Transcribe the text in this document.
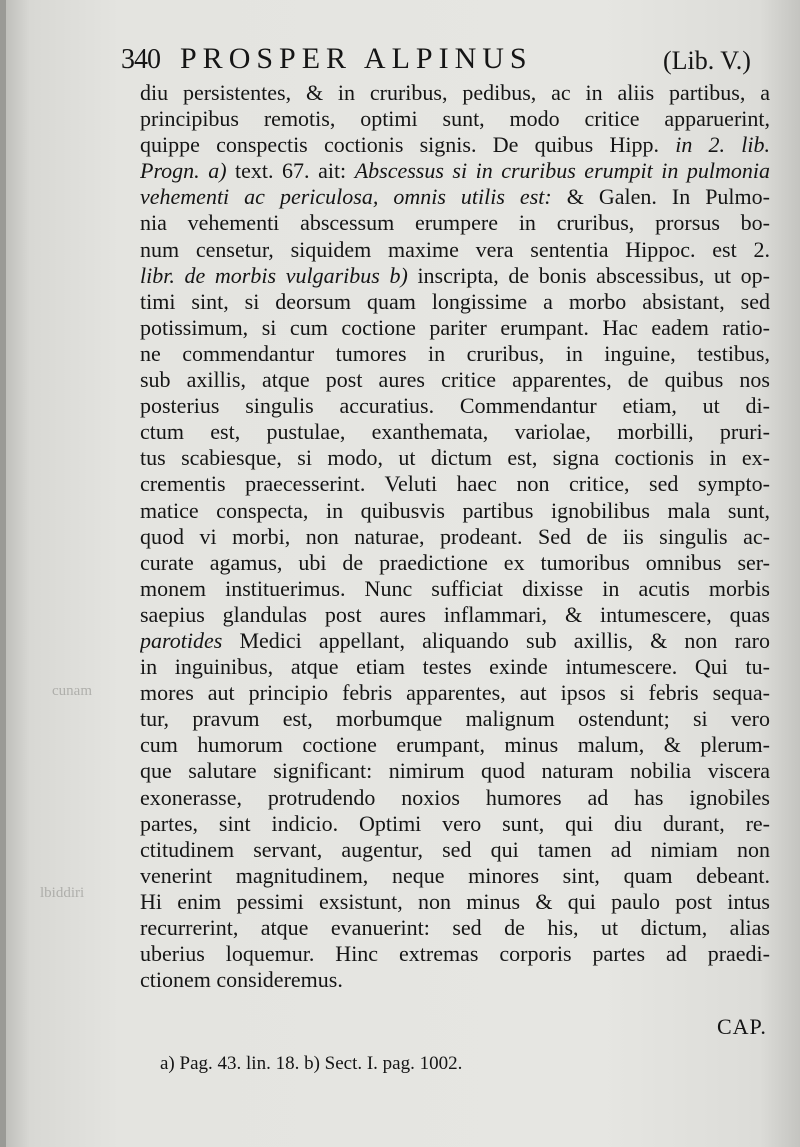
cunam
lbiddiri
340 PROSPER ALPINUS	(Lib. V.)
diu persistentes, & in cruribus, pedibus, ac in aliis partibus, a
principibus remotis, optimi sunt, modo critice apparuerint,
quippe conspectis coctionis signis. De quibus Hipp. in 2. lib.
Progn. a) text. 67. ait: Abscessus si in cruribus erumpit in pulmonia
vehementi ac periculosa, omnis utilis est: & Galen. In Pulmo-
nia vehementi abscessum erumpere in cruribus, prorsus bo-
num censetur, siquidem maxime vera sententia Hippoc. est 2.
libr. de morbis vulgaribus b) inscripta, de bonis abscessibus, ut op-
timi sint, si deorsum quam longissime a morbo absistant, sed
potissimum, si cum coctione pariter erumpant. Hac eadem ratio-
ne commendantur tumores in cruribus, in inguine, testibus,
sub axillis, atque post aures critice apparentes, de quibus nos
posterius singulis accuratius. Commendantur etiam, ut di-
ctum est, pustulae, exanthemata, variolae, morbilli, pruri-
tus scabiesque, si modo, ut dictum est, signa coctionis in ex-
crementis praecesserint. Veluti haec non critice, sed sympto-
matice conspecta, in quibusvis partibus ignobilibus mala sunt,
quod vi morbi, non naturae, prodeant. Sed de iis singulis ac-
curate agamus, ubi de praedictione ex tumoribus omnibus ser-
monem instituerimus. Nunc sufficiat dixisse in acutis morbis
saepius glandulas post aures inflammari, & intumescere, quas
parotides Medici appellant, aliquando sub axillis, & non raro
in inguinibus, atque etiam testes exinde intumescere. Qui tu-
mores aut principio febris apparentes, aut ipsos si febris sequa-
tur, pravum est, morbumque malignum ostendunt; si vero
cum humorum coctione erumpant, minus malum, & plerum-
que salutare significant: nimirum quod naturam nobilia viscera
exonerasse, protrudendo noxios humores ad has ignobiles
partes, sint indicio. Optimi vero sunt, qui diu durant, re-
ctitudinem servant, augentur, sed qui tamen ad nimiam non
venerint magnitudinem, neque minores sint, quam debeant.
Hi enim pessimi exsistunt, non minus & qui paulo post intus
recurrerint, atque evanuerint: sed de his, ut dictum, alias
uberius loquemur. Hinc extremas corporis partes ad praedi-
ctionem consideremus.
CAP.
a) Pag. 43. lin. 18. b) Sect. I. pag. 1002.
